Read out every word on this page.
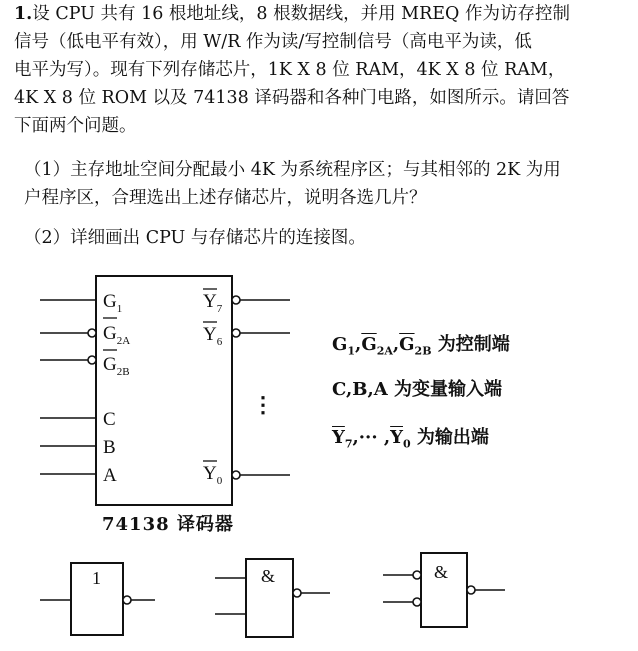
1.设 CPU 共有 16 根地址线，8 根数据线，并用 MREQ 作为访存控制
信号（低电平有效），用 W/R 作为读/写控制信号（高电平为读，低
电平为写）。现有下列存储芯片，1K X 8 位 RAM，4K X 8 位 RAM，
4K X 8 位 ROM 以及 74138 译码器和各种门电路，如图所示。请回答
下面两个问题。
（1）主存地址空间分配最小 4K 为系统程序区；与其相邻的 2K 为用
户程序区，合理选出上述存储芯片，说明各选几片？
（2）详细画出 CPU 与存储芯片的连接图。
$G_1$
$G_{2A}$
$G_{2B}$
C
B
A
$Y_7$
$Y_6$
$Y_0$
⋮
1	&	&
74138 译码器
$G_1,\overline{G}_{2A},\overline{G}_{2B}$ 为控制端
C,B,A 为变量输入端
$\overline{Y}_7,\cdot\cdot\cdot ,\overline{Y}_0$ 为输出端
